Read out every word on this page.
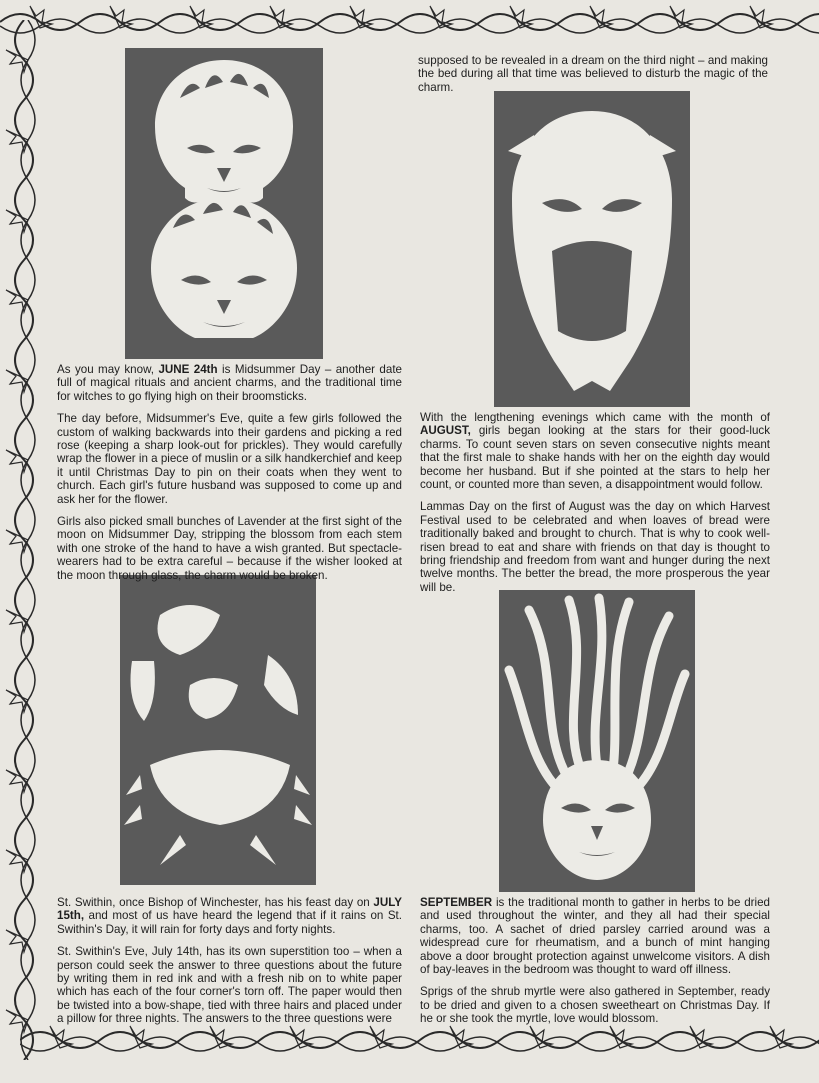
As you may know, JUNE 24th is Midsummer Day – another date full of magical rituals and ancient charms, and the traditional time for witches to go flying high on their broomsticks.

The day before, Midsummer's Eve, quite a few girls followed the custom of walking backwards into their gardens and picking a red rose (keeping a sharp look-out for prickles). They would carefully wrap the flower in a piece of muslin or a silk handkerchief and keep it until Christmas Day to pin on their coats when they went to church. Each girl's future husband was supposed to come up and ask her for the flower.

Girls also picked small bunches of Lavender at the first sight of the moon on Midsummer Day, stripping the blossom from each stem with one stroke of the hand to have a wish granted. But spectacle-wearers had to be extra careful – because if the wisher looked at the moon through glass, the charm would be broken.

St. Swithin, once Bishop of Winchester, has his feast day on JULY 15th, and most of us have heard the legend that if it rains on St. Swithin's Day, it will rain for forty days and forty nights.

St. Swithin's Eve, July 14th, has its own superstition too – when a person could seek the answer to three questions about the future by writing them in red ink and with a fresh nib on to white paper which has each of the four corner's torn off. The paper would then be twisted into a bow-shape, tied with three hairs and placed under a pillow for three nights. The answers to the three questions were

supposed to be revealed in a dream on the third night – and making the bed during all that time was believed to disturb the magic of the charm.

With the lengthening evenings which came with the month of AUGUST, girls began looking at the stars for their good-luck charms. To count seven stars on seven consecutive nights meant that the first male to shake hands with her on the eighth day would become her husband. But if she pointed at the stars to help her count, or counted more than seven, a disappointment would follow.

Lammas Day on the first of August was the day on which Harvest Festival used to be celebrated and when loaves of bread were traditionally baked and brought to church. That is why to cook well-risen bread to eat and share with friends on that day is thought to bring friendship and freedom from want and hunger during the next twelve months. The better the bread, the more prosperous the year will be.

SEPTEMBER is the traditional month to gather in herbs to be dried and used throughout the winter, and they all had their special charms, too. A sachet of dried parsley carried around was a widespread cure for rheumatism, and a bunch of mint hanging above a door brought protection against unwelcome visitors. A dish of bay-leaves in the bedroom was thought to ward off illness.

Sprigs of the shrub myrtle were also gathered in September, ready to be dried and given to a chosen sweetheart on Christmas Day. If he or she took the myrtle, love would blossom.
